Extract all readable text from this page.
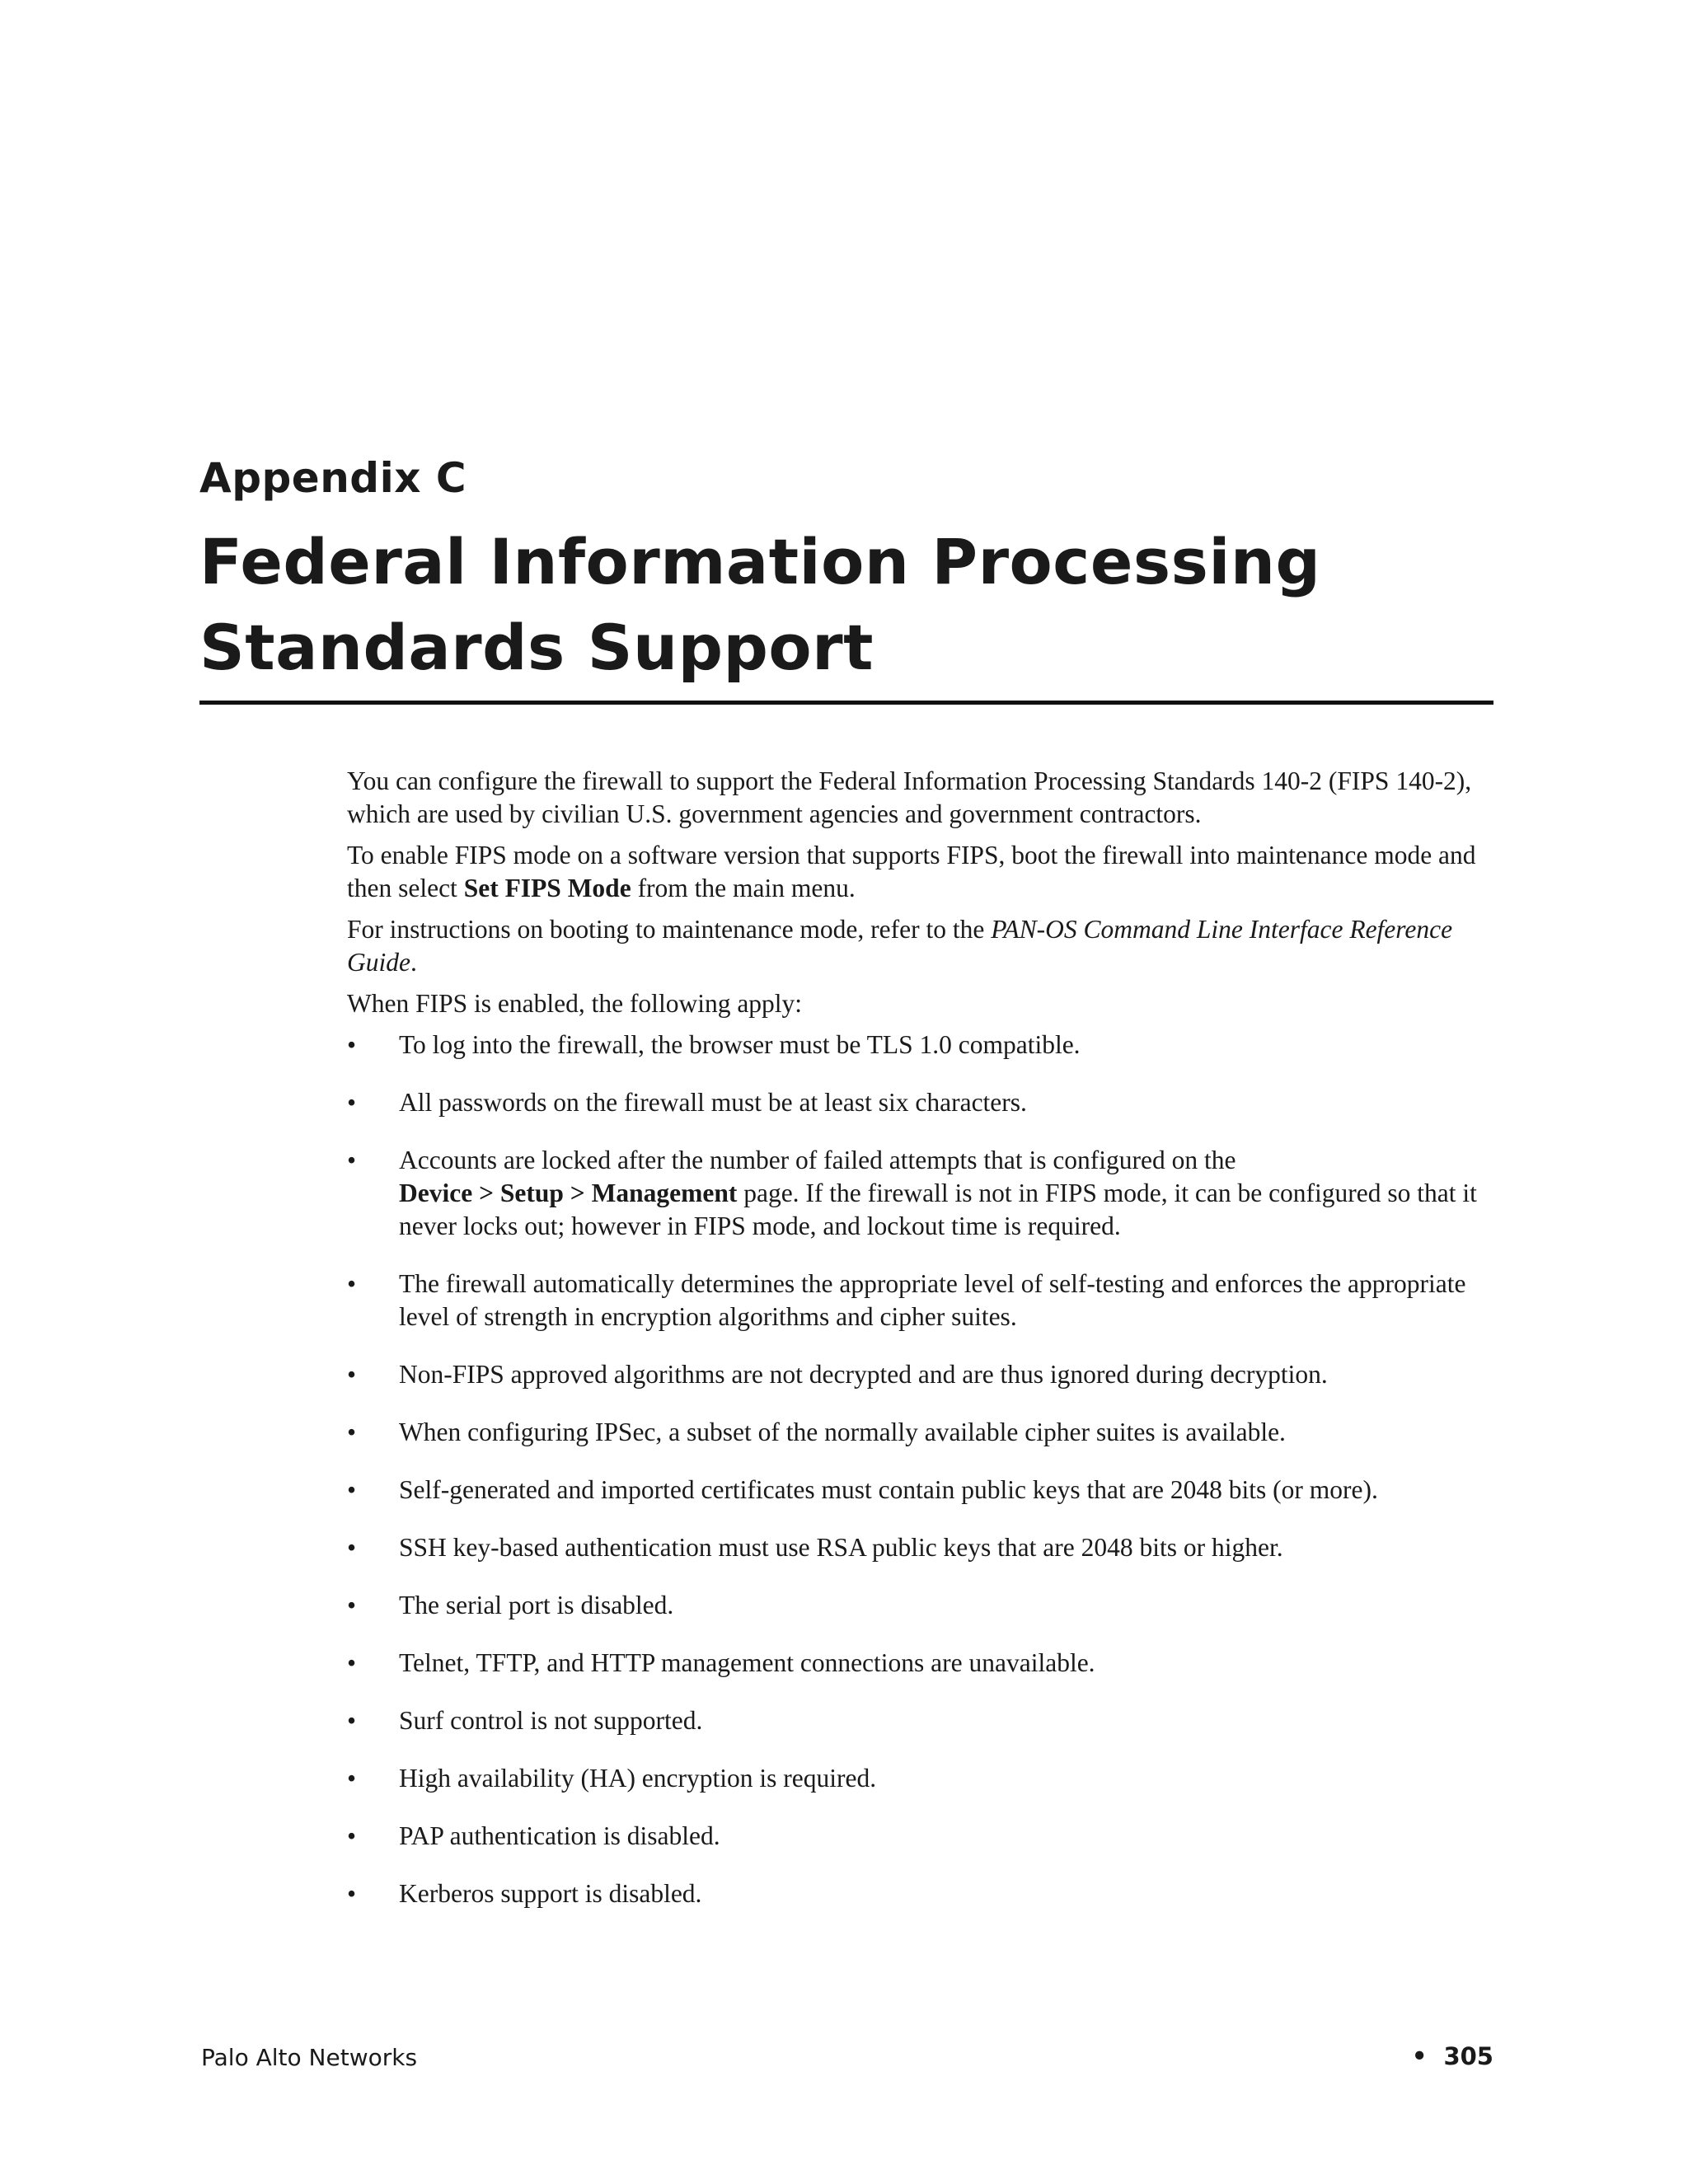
Appendix C
Federal Information Processing
Standards Support

You can configure the firewall to support the Federal Information Processing Standards 140-2 (FIPS 140-2), which are used by civilian U.S. government agencies and government contractors.

To enable FIPS mode on a software version that supports FIPS, boot the firewall into maintenance mode and then select Set FIPS Mode from the main menu.

For instructions on booting to maintenance mode, refer to the PAN-OS Command Line Interface Reference Guide.

When FIPS is enabled, the following apply:

•	To log into the firewall, the browser must be TLS 1.0 compatible.
•	All passwords on the firewall must be at least six characters.
•	Accounts are locked after the number of failed attempts that is configured on the
Device > Setup > Management page. If the firewall is not in FIPS mode, it can be configured so that it never locks out; however in FIPS mode, and lockout time is required.
•	The firewall automatically determines the appropriate level of self-testing and enforces the appropriate level of strength in encryption algorithms and cipher suites.
•	Non-FIPS approved algorithms are not decrypted and are thus ignored during decryption.
•	When configuring IPSec, a subset of the normally available cipher suites is available.
•	Self-generated and imported certificates must contain public keys that are 2048 bits (or more).
•	SSH key-based authentication must use RSA public keys that are 2048 bits or higher.
•	The serial port is disabled.
•	Telnet, TFTP, and HTTP management connections are unavailable.
•	Surf control is not supported.
•	High availability (HA) encryption is required.
•	PAP authentication is disabled.
•	Kerberos support is disabled.
Palo Alto Networks	• 305
